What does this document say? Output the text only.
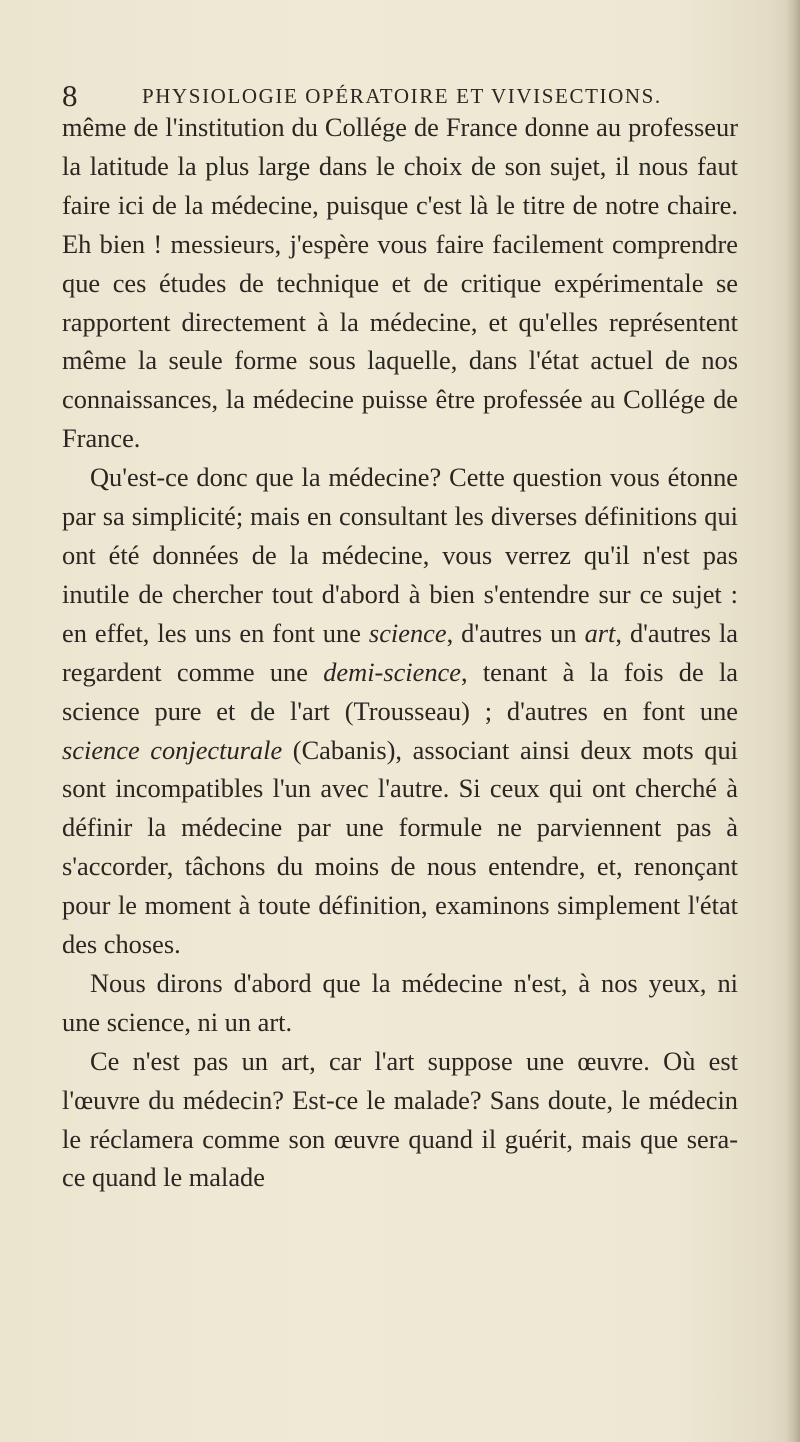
8	PHYSIOLOGIE OPÉRATOIRE ET VIVISECTIONS.

même de l'institution du Collége de France donne au professeur la latitude la plus large dans le choix de son sujet, il nous faut faire ici de la médecine, puisque c'est là le titre de notre chaire. Eh bien ! messieurs, j'espère vous faire facilement comprendre que ces études de technique et de critique expérimentale se rapportent directement à la médecine, et qu'elles représentent même la seule forme sous laquelle, dans l'état actuel de nos connaissances, la médecine puisse être professée au Collége de France.

Qu'est-ce donc que la médecine? Cette question vous étonne par sa simplicité; mais en consultant les diverses définitions qui ont été données de la médecine, vous verrez qu'il n'est pas inutile de chercher tout d'abord à bien s'entendre sur ce sujet : en effet, les uns en font une science, d'autres un art, d'autres la regardent comme une demi-science, tenant à la fois de la science pure et de l'art (Trousseau) ; d'autres en font une science conjecturale (Cabanis), associant ainsi deux mots qui sont incompatibles l'un avec l'autre. Si ceux qui ont cherché à définir la médecine par une formule ne parviennent pas à s'accorder, tâchons du moins de nous entendre, et, renonçant pour le moment à toute définition, examinons simplement l'état des choses.

Nous dirons d'abord que la médecine n'est, à nos yeux, ni une science, ni un art.

Ce n'est pas un art, car l'art suppose une œuvre. Où est l'œuvre du médecin? Est-ce le malade? Sans doute, le médecin le réclamera comme son œuvre quand il guérit, mais que sera-ce quand le malade
